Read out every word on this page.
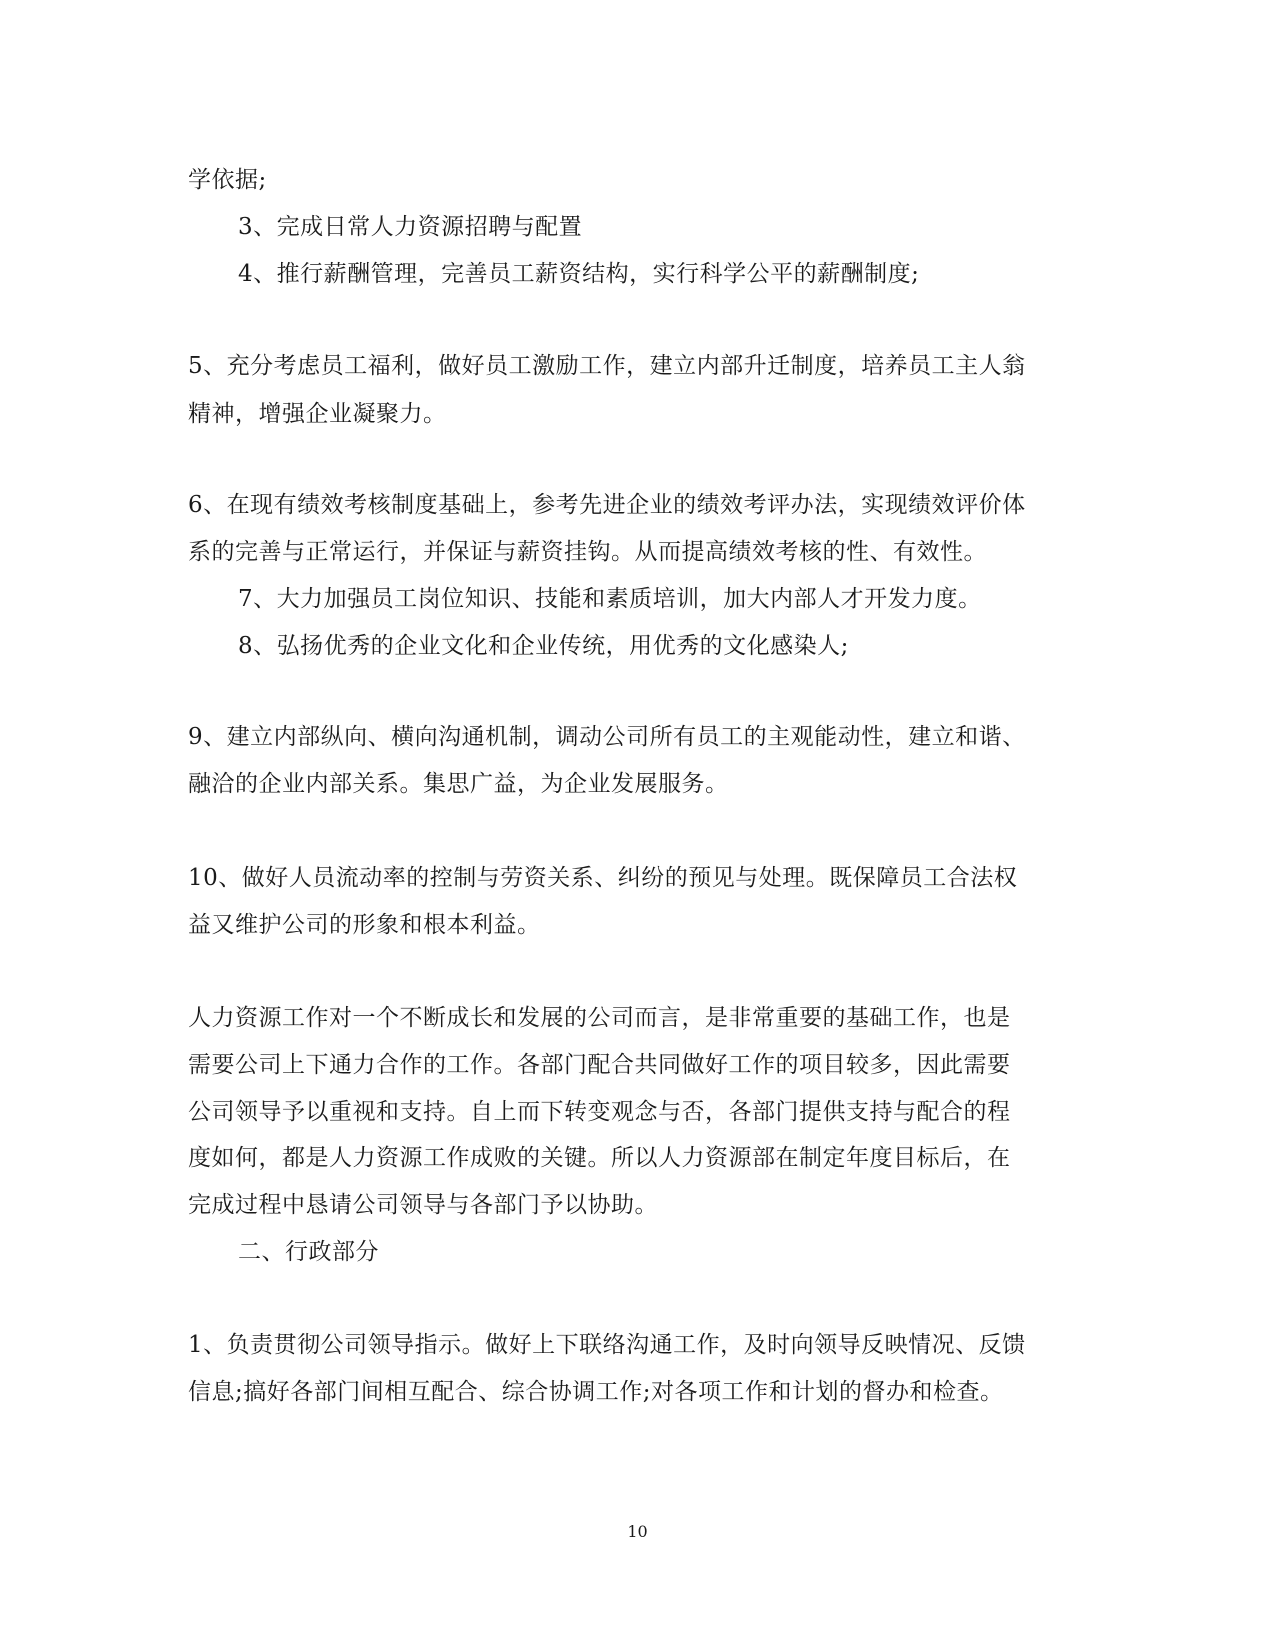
学依据;
3、完成日常人力资源招聘与配置
4、推行薪酬管理，完善员工薪资结构，实行科学公平的薪酬制度;
5、充分考虑员工福利，做好员工激励工作，建立内部升迁制度，培养员工主人翁
精神，增强企业凝聚力。
6、在现有绩效考核制度基础上，参考先进企业的绩效考评办法，实现绩效评价体
系的完善与正常运行，并保证与薪资挂钩。从而提高绩效考核的性、有效性。
7、大力加强员工岗位知识、技能和素质培训，加大内部人才开发力度。
8、弘扬优秀的企业文化和企业传统，用优秀的文化感染人;
9、建立内部纵向、横向沟通机制，调动公司所有员工的主观能动性，建立和谐、
融洽的企业内部关系。集思广益，为企业发展服务。
10、做好人员流动率的控制与劳资关系、纠纷的预见与处理。既保障员工合法权
益又维护公司的形象和根本利益。
人力资源工作对一个不断成长和发展的公司而言，是非常重要的基础工作，也是
需要公司上下通力合作的工作。各部门配合共同做好工作的项目较多，因此需要
公司领导予以重视和支持。自上而下转变观念与否，各部门提供支持与配合的程
度如何，都是人力资源工作成败的关键。所以人力资源部在制定年度目标后，在
完成过程中恳请公司领导与各部门予以协助。
二、行政部分
1、负责贯彻公司领导指示。做好上下联络沟通工作，及时向领导反映情况、反馈
信息;搞好各部门间相互配合、综合协调工作;对各项工作和计划的督办和检查。
10
